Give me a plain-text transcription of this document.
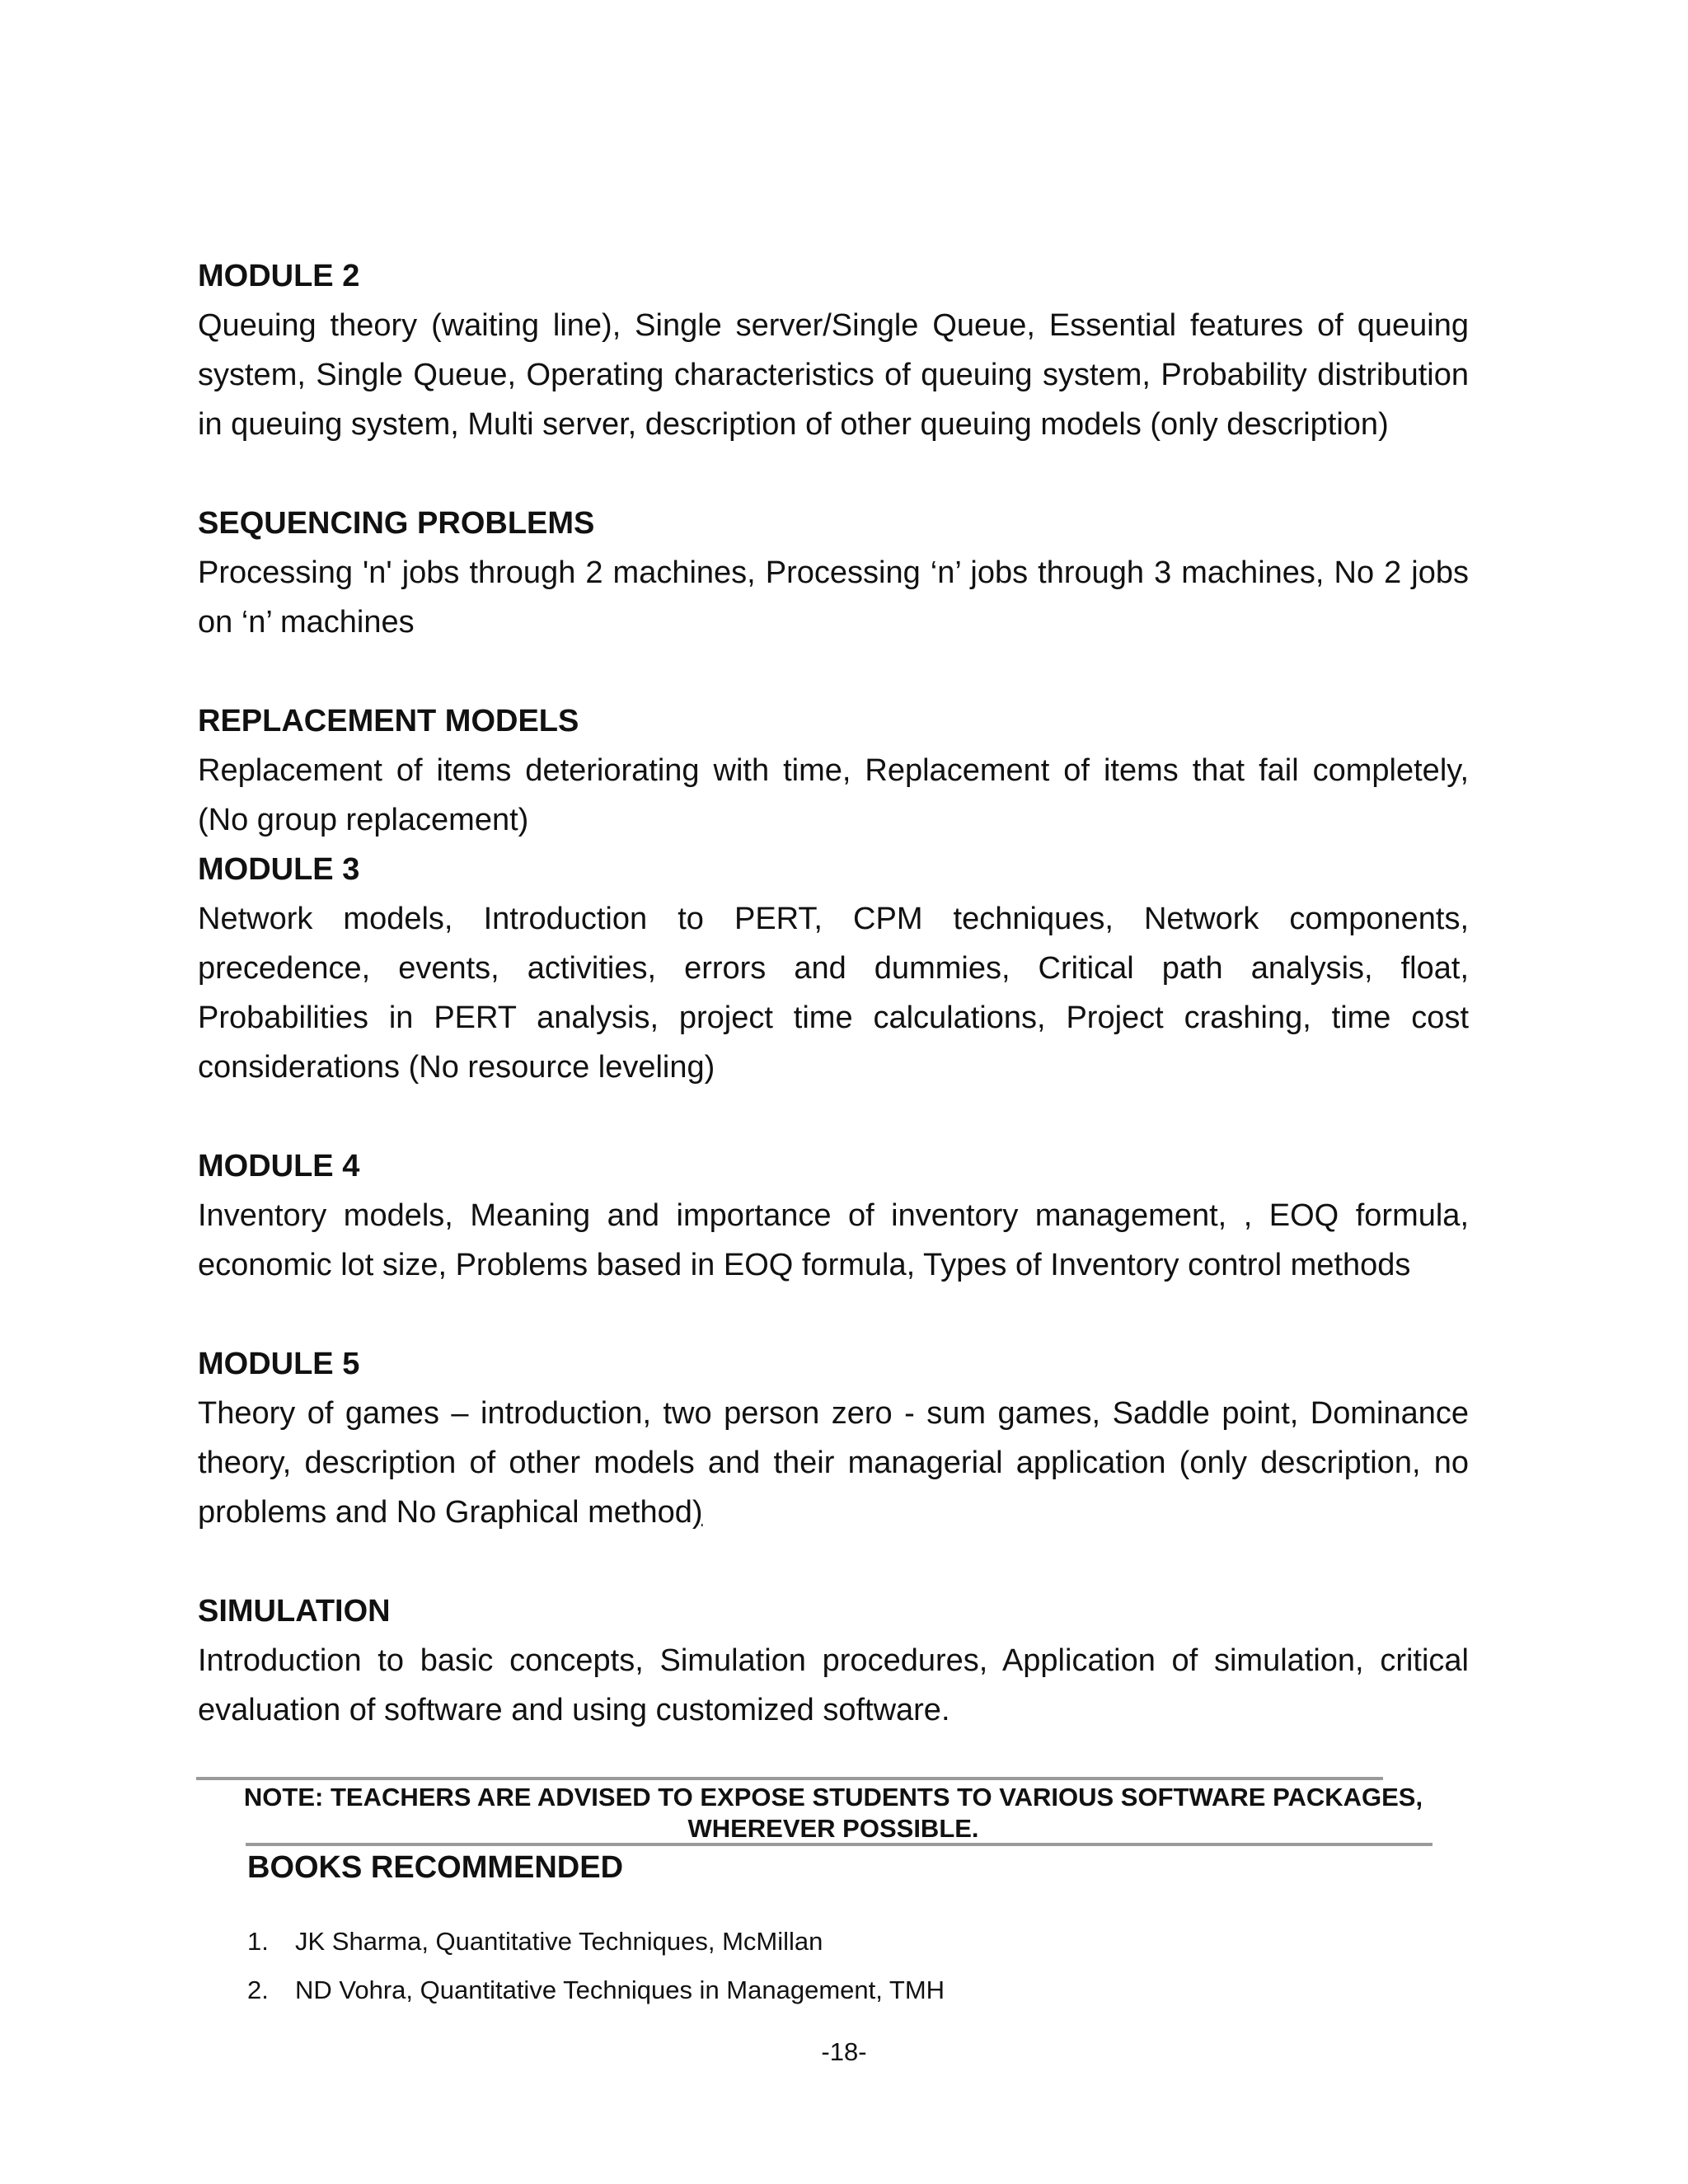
MODULE 2

Queuing theory (waiting line), Single server/Single Queue, Essential features of queuing system, Single Queue, Operating characteristics of queuing system, Probability distribution in queuing system, Multi server, description of other queuing models (only description)

SEQUENCING PROBLEMS

Processing 'n' jobs through 2 machines, Processing ‘n’ jobs through 3 machines, No 2 jobs on ‘n’ machines

REPLACEMENT MODELS

Replacement of items deteriorating with time, Replacement of items that fail completely, (No group replacement)

MODULE 3

Network models, Introduction to PERT, CPM techniques, Network components, precedence, events, activities, errors and dummies, Critical path analysis, float, Probabilities in PERT analysis, project time calculations, Project crashing, time cost considerations (No resource leveling)

MODULE 4

Inventory models, Meaning and importance of inventory management, , EOQ formula, economic lot size, Problems based in EOQ formula, Types of Inventory control methods

MODULE 5

Theory of games – introduction, two person zero - sum games, Saddle point, Dominance theory, description of other models and their managerial application (only description, no problems and No Graphical method)

SIMULATION

Introduction to basic concepts, Simulation procedures, Application of simulation, critical evaluation of software and using customized software.

NOTE: TEACHERS ARE ADVISED TO EXPOSE STUDENTS TO VARIOUS SOFTWARE PACKAGES,
WHEREVER POSSIBLE.
BOOKS RECOMMENDED
1. JK Sharma, Quantitative Techniques, McMillan
2. ND Vohra, Quantitative Techniques in Management, TMH
-18-
